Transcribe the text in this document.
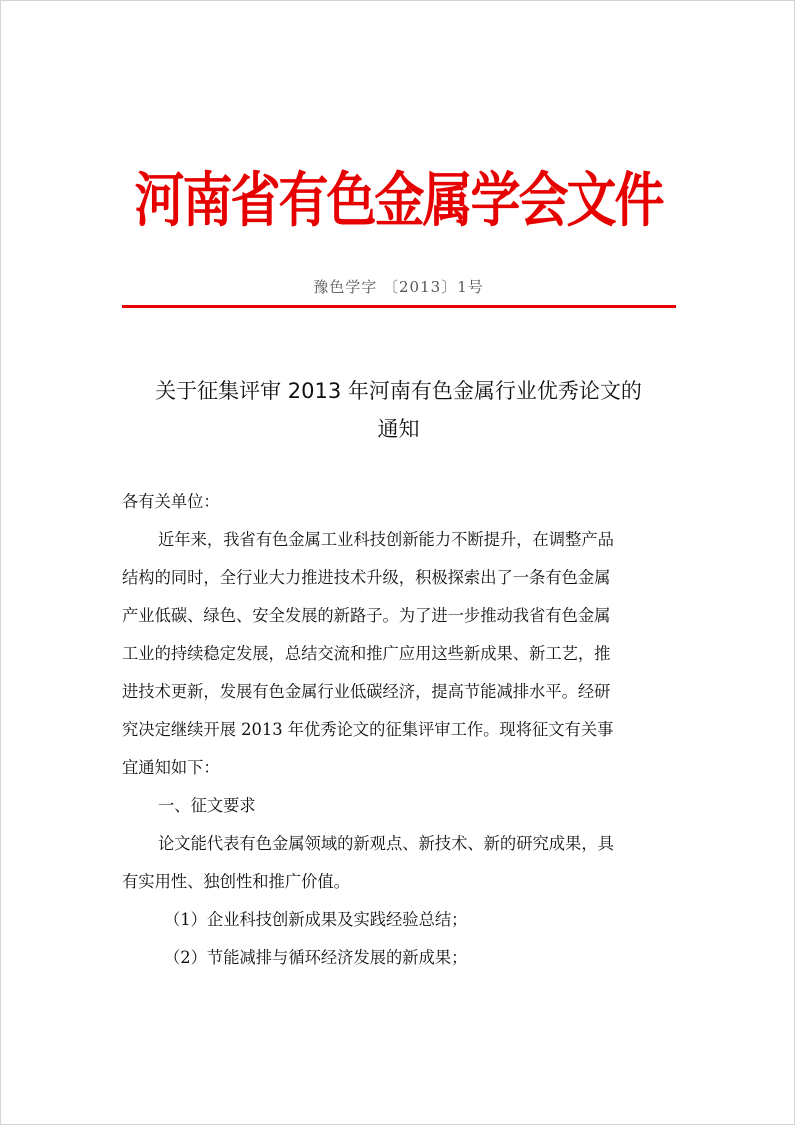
河南省有色金属学会文件
豫色学字 〔2013〕1号
关于征集评审 2013 年河南有色金属行业优秀论文的
通知

各有关单位：

近年来，我省有色金属工业科技创新能力不断提升，在调整产品

结构的同时，全行业大力推进技术升级，积极探索出了一条有色金属

产业低碳、绿色、安全发展的新路子。为了进一步推动我省有色金属

工业的持续稳定发展，总结交流和推广应用这些新成果、新工艺，推

进技术更新，发展有色金属行业低碳经济，提高节能减排水平。经研

究决定继续开展 2013 年优秀论文的征集评审工作。现将征文有关事

宜通知如下：

一、征文要求

论文能代表有色金属领域的新观点、新技术、新的研究成果，具

有实用性、独创性和推广价值。

（1）企业科技创新成果及实践经验总结；

（2）节能减排与循环经济发展的新成果；
